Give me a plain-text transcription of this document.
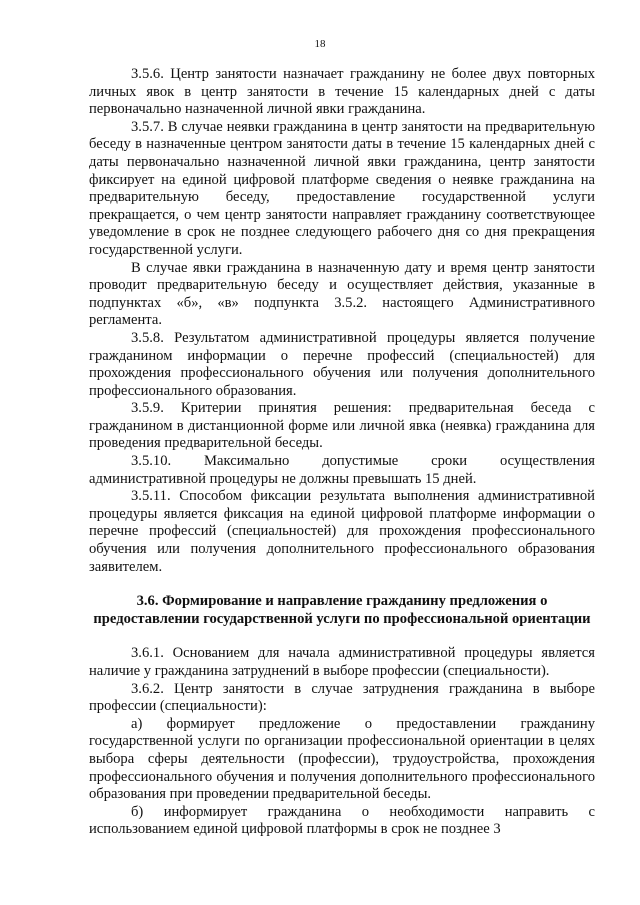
18

3.5.6. Центр занятости назначает гражданину не более двух повторных личных явок в центр занятости в течение 15 календарных дней с даты первоначально назначенной личной явки гражданина.

3.5.7. В случае неявки гражданина в центр занятости на предварительную беседу в назначенные центром занятости даты в течение 15 календарных дней с даты первоначально назначенной личной явки гражданина, центр занятости фиксирует на единой цифровой платформе сведения о неявке гражданина на предварительную беседу, предоставление государственной услуги прекращается, о чем центр занятости направляет гражданину соответствующее уведомление в срок не позднее следующего рабочего дня со дня прекращения государственной услуги.

В случае явки гражданина в назначенную дату и время центр занятости проводит предварительную беседу и осуществляет действия, указанные в подпунктах «б», «в» подпункта 3.5.2. настоящего Административного регламента.

3.5.8. Результатом административной процедуры является получение гражданином информации о перечне профессий (специальностей) для прохождения профессионального обучения или получения дополнительного профессионального образования.

3.5.9. Критерии принятия решения: предварительная беседа с гражданином в дистанционной форме или личной явка (неявка) гражданина для проведения предварительной беседы.

3.5.10. Максимально допустимые сроки осуществления административной процедуры не должны превышать 15 дней.

3.5.11. Способом фиксации результата выполнения административной процедуры является фиксация на единой цифровой платформе информации о перечне профессий (специальностей) для прохождения профессионального обучения или получения дополнительного профессионального образования заявителем.

3.6. Формирование и направление гражданину предложения о предоставлении государственной услуги по профессиональной ориентации

3.6.1. Основанием для начала административной процедуры является наличие у гражданина затруднений в выборе профессии (специальности).

3.6.2. Центр занятости в случае затруднения гражданина в выборе профессии (специальности):

а) формирует предложение о предоставлении гражданину государственной услуги по организации профессиональной ориентации в целях выбора сферы деятельности (профессии), трудоустройства, прохождения профессионального обучения и получения дополнительного профессионального образования при проведении предварительной беседы.

б) информирует гражданина о необходимости направить с использованием единой цифровой платформы в срок не позднее 3
